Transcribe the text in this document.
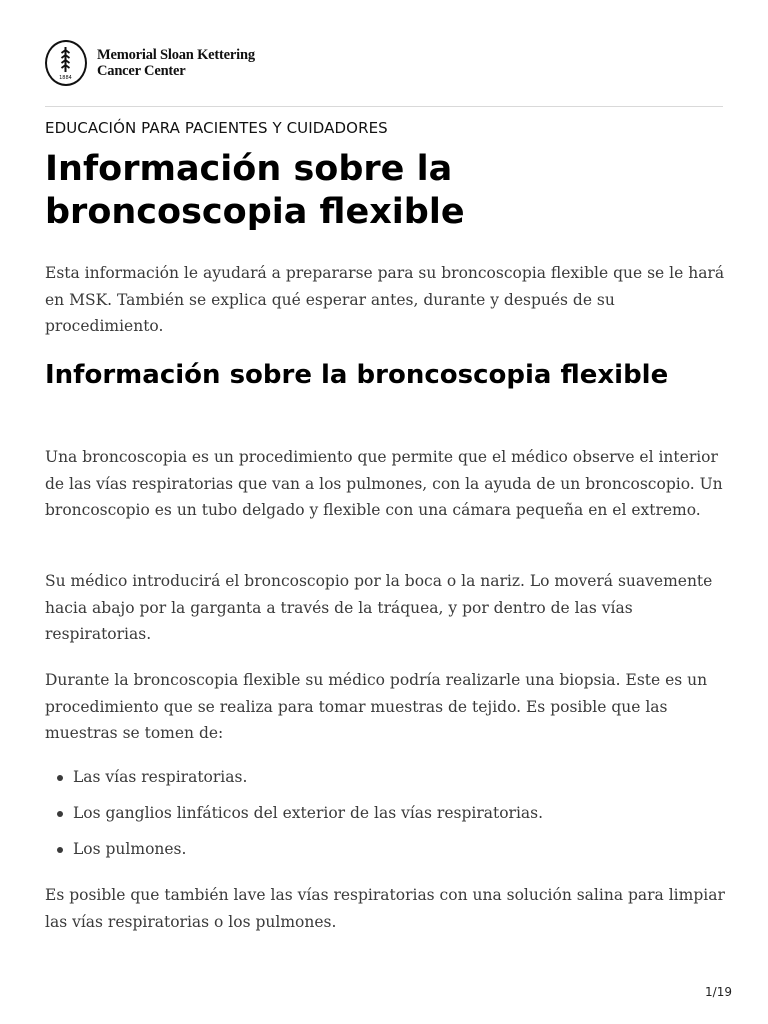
1884
Memorial Sloan Kettering
Cancer Center
EDUCACIÓN PARA PACIENTES Y CUIDADORES
Información sobre la broncoscopia flexible

Esta información le ayudará a prepararse para su broncoscopia flexible que se le hará en MSK. También se explica qué esperar antes, durante y después de su procedimiento.

Información sobre la broncoscopia flexible

Una broncoscopia es un procedimiento que permite que el médico observe el interior de las vías respiratorias que van a los pulmones, con la ayuda de un broncoscopio. Un broncoscopio es un tubo delgado y flexible con una cámara pequeña en el extremo.

Su médico introducirá el broncoscopio por la boca o la nariz. Lo moverá suavemente hacia abajo por la garganta a través de la tráquea, y por dentro de las vías respiratorias.

Durante la broncoscopia flexible su médico podría realizarle una biopsia. Este es un procedimiento que se realiza para tomar muestras de tejido. Es posible que las muestras se tomen de:

Las vías respiratorias.
Los ganglios linfáticos del exterior de las vías respiratorias.
Los pulmones.

Es posible que también lave las vías respiratorias con una solución salina para limpiar las vías respiratorias o los pulmones.

1/19
